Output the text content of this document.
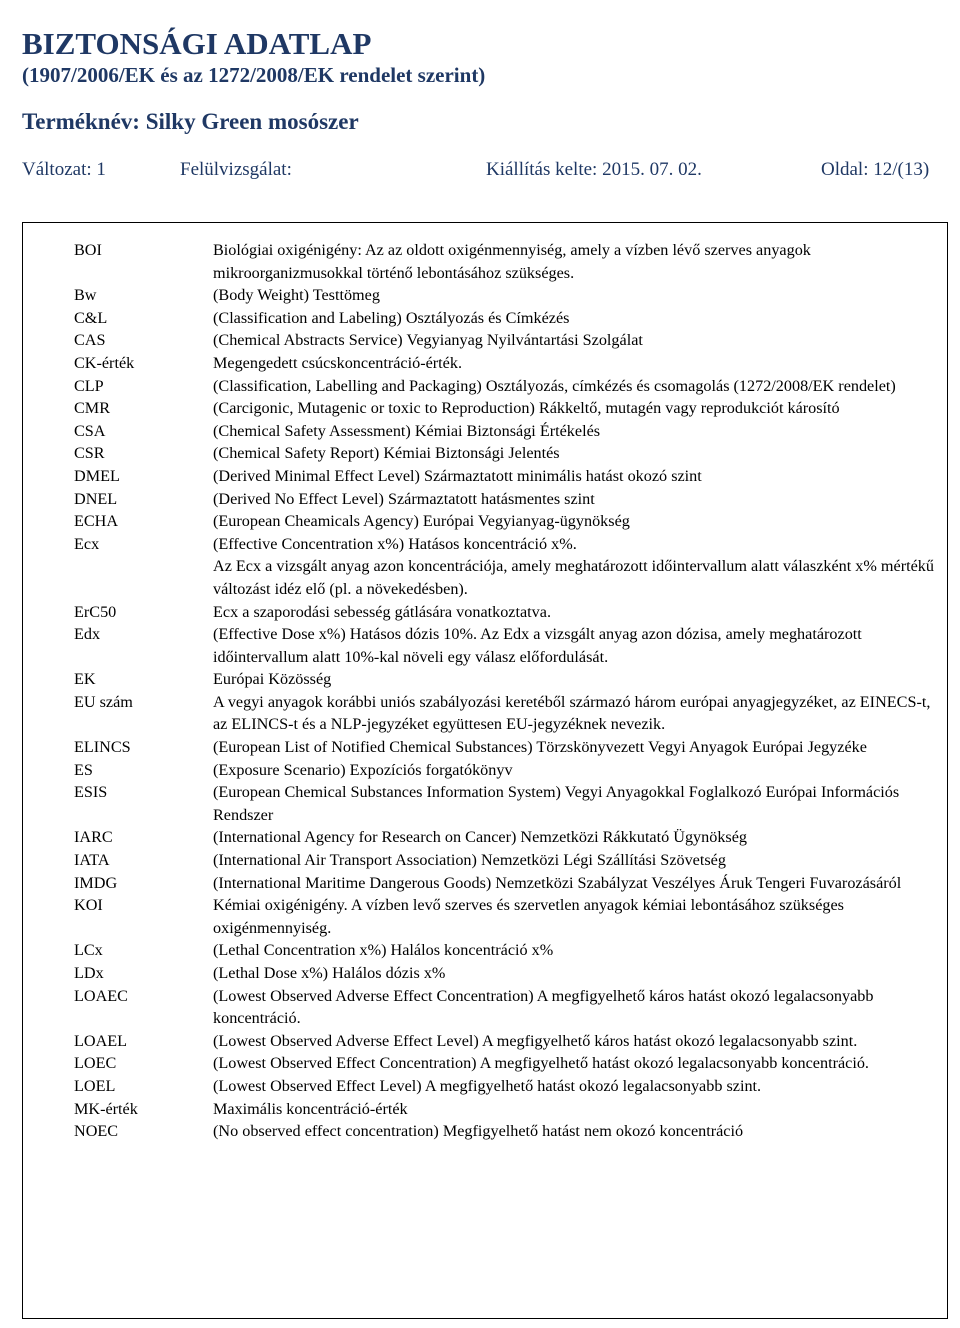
BIZTONSÁGI ADATLAP
(1907/2006/EK és az 1272/2008/EK rendelet szerint)
Terméknév: Silky Green mosószer
Változat: 1	Felülvizsgálat:	Kiállítás kelte: 2015. 07. 02.	Oldal: 12/(13)
BOI	Biológiai oxigénigény: Az az oldott oxigénmennyiség, amely a vízben lévő szerves anyagok mikroorganizmusokkal történő lebontásához szükséges.
Bw	(Body Weight) Testtömeg
C&L	(Classification and Labeling) Osztályozás és Címkézés
CAS	(Chemical Abstracts Service) Vegyianyag Nyilvántartási Szolgálat
CK-érték	Megengedett csúcskoncentráció-érték.
CLP	(Classification, Labelling and Packaging) Osztályozás, címkézés és csomagolás (1272/2008/EK rendelet)
CMR	(Carcigonic, Mutagenic or toxic to Reproduction) Rákkeltő, mutagén vagy reprodukciót károsító
CSA	(Chemical Safety Assessment) Kémiai Biztonsági Értékelés
CSR	(Chemical Safety Report) Kémiai Biztonsági Jelentés
DMEL	(Derived Minimal Effect Level) Származtatott minimális hatást okozó szint
DNEL	(Derived No Effect Level) Származtatott hatásmentes szint
ECHA	(European Cheamicals Agency) Európai Vegyianyag-ügynökség
Ecx	(Effective Concentration x%) Hatásos koncentráció x%.
Az Ecx a vizsgált anyag azon koncentrációja, amely meghatározott időintervallum alatt válaszként x% mértékű változást idéz elő (pl. a növekedésben).
ErC50	Ecx a szaporodási sebesség gátlására vonatkoztatva.
Edx	(Effective Dose x%) Hatásos dózis 10%. Az Edx a vizsgált anyag azon dózisa, amely meghatározott időintervallum alatt 10%-kal növeli egy válasz előfordulását.
EK	Európai Közösség
EU szám	A vegyi anyagok korábbi uniós szabályozási keretéből származó három európai anyagjegyzéket, az EINECS-t, az ELINCS-t és a NLP-jegyzéket együttesen EU-jegyzéknek nevezik.
ELINCS	(European List of Notified Chemical Substances) Törzskönyvezett Vegyi Anyagok Európai Jegyzéke
ES	(Exposure Scenario) Expozíciós forgatókönyv
ESIS	(European Chemical Substances Information System) Vegyi Anyagokkal Foglalkozó Európai Információs Rendszer
IARC	(International Agency for Research on Cancer) Nemzetközi Rákkutató Ügynökség
IATA	(International Air Transport Association) Nemzetközi Légi Szállítási Szövetség
IMDG	(International Maritime Dangerous Goods) Nemzetközi Szabályzat Veszélyes Áruk Tengeri Fuvarozásáról
KOI	Kémiai oxigénigény. A vízben levő szerves és szervetlen anyagok kémiai lebontásához szükséges oxigénmennyiség.
LCx	(Lethal Concentration x%) Halálos koncentráció x%
LDx	(Lethal Dose x%) Halálos dózis x%
LOAEC	(Lowest Observed Adverse Effect Concentration) A megfigyelhető káros hatást okozó legalacsonyabb koncentráció.
LOAEL	(Lowest Observed Adverse Effect Level) A megfigyelhető káros hatást okozó legalacsonyabb szint.
LOEC	(Lowest Observed Effect Concentration) A megfigyelhető hatást okozó legalacsonyabb koncentráció.
LOEL	(Lowest Observed Effect Level) A megfigyelhető hatást okozó legalacsonyabb szint.
MK-érték	Maximális koncentráció-érték
NOEC	(No observed effect concentration) Megfigyelhető hatást nem okozó koncentráció
